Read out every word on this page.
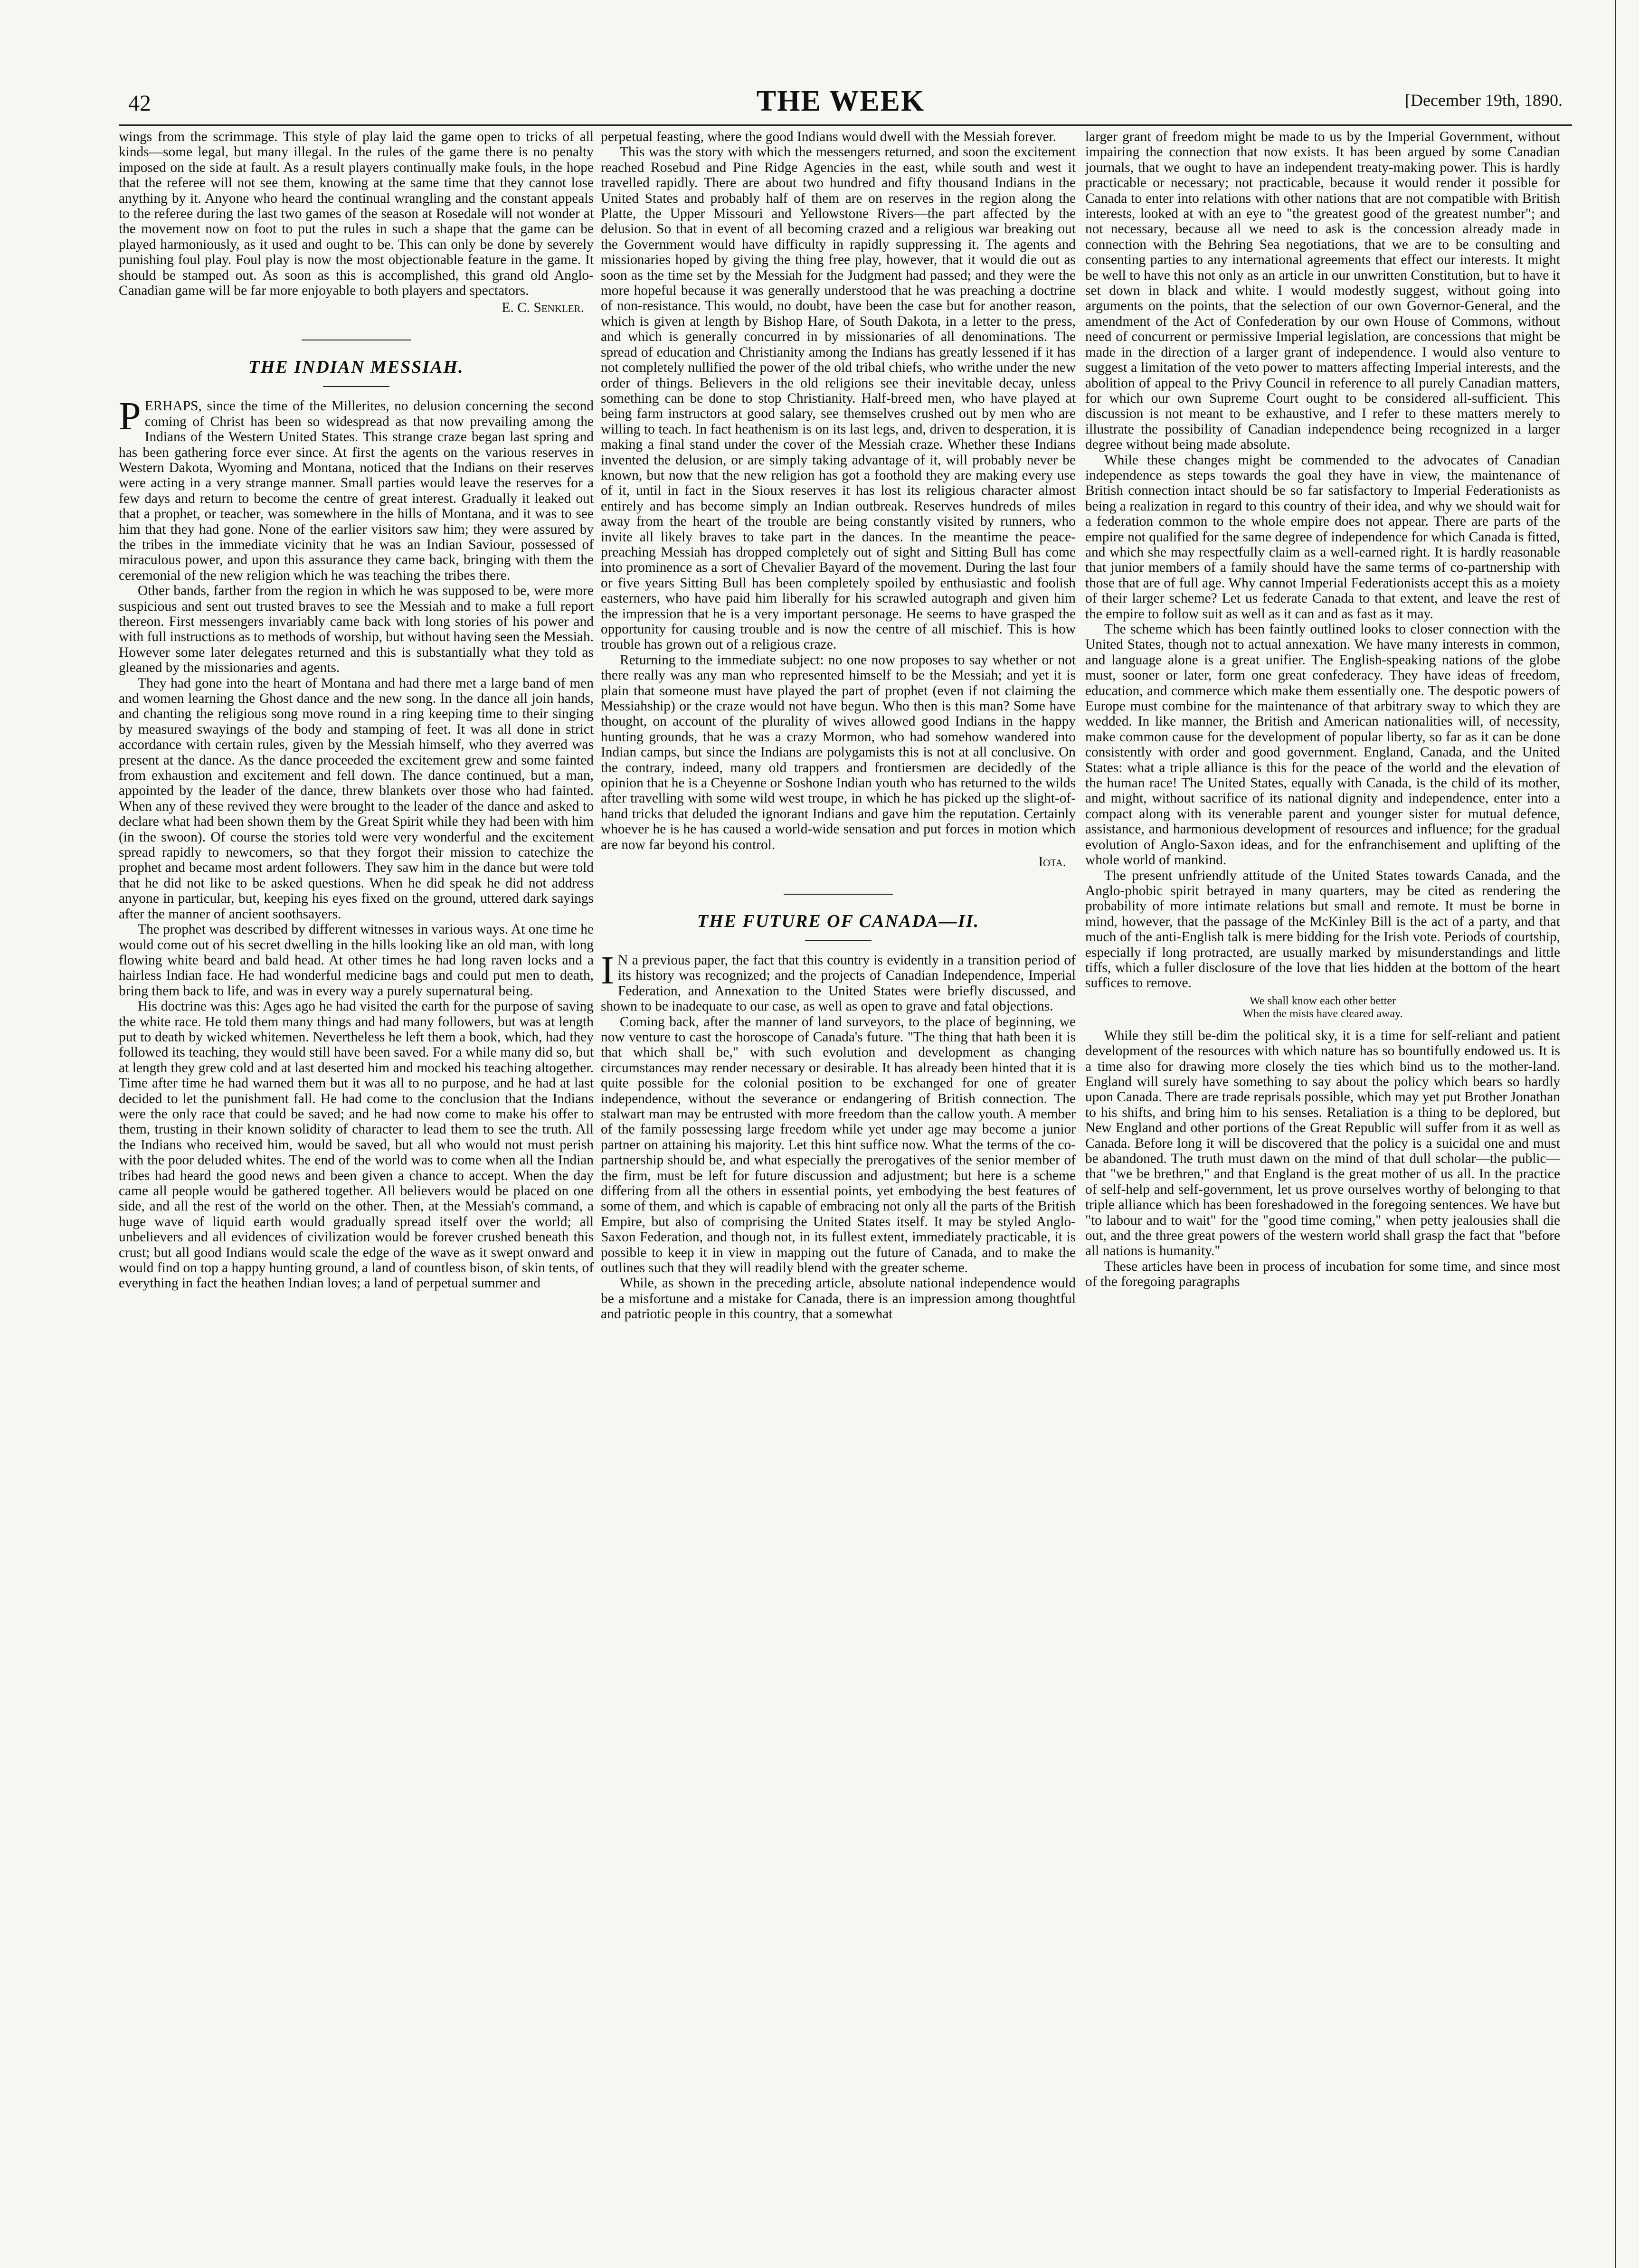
42	THE WEEK	[December 19th, 1890.

wings from the scrimmage. This style of play laid the game open to tricks of all kinds—some legal, but many illegal. In the rules of the game there is no penalty imposed on the side at fault. As a result players continually make fouls, in the hope that the referee will not see them, knowing at the same time that they cannot lose anything by it. Anyone who heard the continual wrangling and the constant appeals to the referee during the last two games of the season at Rosedale will not wonder at the movement now on foot to put the rules in such a shape that the game can be played harmoniously, as it used and ought to be. This can only be done by severely punishing foul play. Foul play is now the most objectionable feature in the game. It should be stamped out. As soon as this is accomplished, this grand old Anglo-Canadian game will be far more enjoyable to both players and spectators.

E. C. Senkler.
THE INDIAN MESSIAH.

PERHAPS, since the time of the Millerites, no delusion concerning the second coming of Christ has been so widespread as that now prevailing among the Indians of the Western United States. This strange craze began last spring and has been gathering force ever since. At first the agents on the various reserves in Western Dakota, Wyoming and Montana, noticed that the Indians on their reserves were acting in a very strange manner. Small parties would leave the reserves for a few days and return to become the centre of great interest. Gradually it leaked out that a prophet, or teacher, was somewhere in the hills of Montana, and it was to see him that they had gone. None of the earlier visitors saw him; they were assured by the tribes in the immediate vicinity that he was an Indian Saviour, possessed of miraculous power, and upon this assurance they came back, bringing with them the ceremonial of the new religion which he was teaching the tribes there.

Other bands, farther from the region in which he was supposed to be, were more suspicious and sent out trusted braves to see the Messiah and to make a full report thereon. First messengers invariably came back with long stories of his power and with full instructions as to methods of worship, but without having seen the Messiah. However some later delegates returned and this is substantially what they told as gleaned by the missionaries and agents.

They had gone into the heart of Montana and had there met a large band of men and women learning the Ghost dance and the new song. In the dance all join hands, and chanting the religious song move round in a ring keeping time to their singing by measured swayings of the body and stamping of feet. It was all done in strict accordance with certain rules, given by the Messiah himself, who they averred was present at the dance. As the dance proceeded the excitement grew and some fainted from exhaustion and excitement and fell down. The dance continued, but a man, appointed by the leader of the dance, threw blankets over those who had fainted. When any of these revived they were brought to the leader of the dance and asked to declare what had been shown them by the Great Spirit while they had been with him (in the swoon). Of course the stories told were very wonderful and the excitement spread rapidly to newcomers, so that they forgot their mission to catechize the prophet and became most ardent followers. They saw him in the dance but were told that he did not like to be asked questions. When he did speak he did not address anyone in particular, but, keeping his eyes fixed on the ground, uttered dark sayings after the manner of ancient soothsayers.

The prophet was described by different witnesses in various ways. At one time he would come out of his secret dwelling in the hills looking like an old man, with long flowing white beard and bald head. At other times he had long raven locks and a hairless Indian face. He had wonderful medicine bags and could put men to death, bring them back to life, and was in every way a purely supernatural being.

His doctrine was this: Ages ago he had visited the earth for the purpose of saving the white race. He told them many things and had many followers, but was at length put to death by wicked whitemen. Nevertheless he left them a book, which, had they followed its teaching, they would still have been saved. For a while many did so, but at length they grew cold and at last deserted him and mocked his teaching altogether. Time after time he had warned them but it was all to no purpose, and he had at last decided to let the punishment fall. He had come to the conclusion that the Indians were the only race that could be saved; and he had now come to make his offer to them, trusting in their known solidity of character to lead them to see the truth. All the Indians who received him, would be saved, but all who would not must perish with the poor deluded whites. The end of the world was to come when all the Indian tribes had heard the good news and been given a chance to accept. When the day came all people would be gathered together. All believers would be placed on one side, and all the rest of the world on the other. Then, at the Messiah's command, a huge wave of liquid earth would gradually spread itself over the world; all unbelievers and all evidences of civilization would be forever crushed beneath this crust; but all good Indians would scale the edge of the wave as it swept onward and would find on top a happy hunting ground, a land of countless bison, of skin tents, of everything in fact the heathen Indian loves; a land of perpetual summer and

perpetual feasting, where the good Indians would dwell with the Messiah forever.

This was the story with which the messengers returned, and soon the excitement reached Rosebud and Pine Ridge Agencies in the east, while south and west it travelled rapidly. There are about two hundred and fifty thousand Indians in the United States and probably half of them are on reserves in the region along the Platte, the Upper Missouri and Yellowstone Rivers—the part affected by the delusion. So that in event of all becoming crazed and a religious war breaking out the Government would have difficulty in rapidly suppressing it. The agents and missionaries hoped by giving the thing free play, however, that it would die out as soon as the time set by the Messiah for the Judgment had passed; and they were the more hopeful because it was generally understood that he was preaching a doctrine of non-resistance. This would, no doubt, have been the case but for another reason, which is given at length by Bishop Hare, of South Dakota, in a letter to the press, and which is generally concurred in by missionaries of all denominations. The spread of education and Christianity among the Indians has greatly lessened if it has not completely nullified the power of the old tribal chiefs, who writhe under the new order of things. Believers in the old religions see their inevitable decay, unless something can be done to stop Christianity. Half-breed men, who have played at being farm instructors at good salary, see themselves crushed out by men who are willing to teach. In fact heathenism is on its last legs, and, driven to desperation, it is making a final stand under the cover of the Messiah craze. Whether these Indians invented the delusion, or are simply taking advantage of it, will probably never be known, but now that the new religion has got a foothold they are making every use of it, until in fact in the Sioux reserves it has lost its religious character almost entirely and has become simply an Indian outbreak. Reserves hundreds of miles away from the heart of the trouble are being constantly visited by runners, who invite all likely braves to take part in the dances. In the meantime the peace-preaching Messiah has dropped completely out of sight and Sitting Bull has come into prominence as a sort of Chevalier Bayard of the movement. During the last four or five years Sitting Bull has been completely spoiled by enthusiastic and foolish easterners, who have paid him liberally for his scrawled autograph and given him the impression that he is a very important personage. He seems to have grasped the opportunity for causing trouble and is now the centre of all mischief. This is how trouble has grown out of a religious craze.

Returning to the immediate subject: no one now proposes to say whether or not there really was any man who represented himself to be the Messiah; and yet it is plain that someone must have played the part of prophet (even if not claiming the Messiahship) or the craze would not have begun. Who then is this man? Some have thought, on account of the plurality of wives allowed good Indians in the happy hunting grounds, that he was a crazy Mormon, who had somehow wandered into Indian camps, but since the Indians are polygamists this is not at all conclusive. On the contrary, indeed, many old trappers and frontiersmen are decidedly of the opinion that he is a Cheyenne or Soshone Indian youth who has returned to the wilds after travelling with some wild west troupe, in which he has picked up the slight-of-hand tricks that deluded the ignorant Indians and gave him the reputation. Certainly whoever he is he has caused a world-wide sensation and put forces in motion which are now far beyond his control.

Iota.
THE FUTURE OF CANADA—II.

I N a previous paper, the fact that this country is evidently in a transition period of its history was recognized; and the projects of Canadian Independence, Imperial Federation, and Annexation to the United States were briefly discussed, and shown to be inadequate to our case, as well as open to grave and fatal objections.

Coming back, after the manner of land surveyors, to the place of beginning, we now venture to cast the horoscope of Canada's future. "The thing that hath been it is that which shall be," with such evolution and development as changing circumstances may render necessary or desirable. It has already been hinted that it is quite possible for the colonial position to be exchanged for one of greater independence, without the severance or endangering of British connection. The stalwart man may be entrusted with more freedom than the callow youth. A member of the family possessing large freedom while yet under age may become a junior partner on attaining his majority. Let this hint suffice now. What the terms of the co-partnership should be, and what especially the prerogatives of the senior member of the firm, must be left for future discussion and adjustment; but here is a scheme differing from all the others in essential points, yet embodying the best features of some of them, and which is capable of embracing not only all the parts of the British Empire, but also of comprising the United States itself. It may be styled Anglo-Saxon Federation, and though not, in its fullest extent, immediately practicable, it is possible to keep it in view in mapping out the future of Canada, and to make the outlines such that they will readily blend with the greater scheme.

While, as shown in the preceding article, absolute national independence would be a misfortune and a mistake for Canada, there is an impression among thoughtful and patriotic people in this country, that a somewhat

larger grant of freedom might be made to us by the Imperial Government, without impairing the connection that now exists. It has been argued by some Canadian journals, that we ought to have an independent treaty-making power. This is hardly practicable or necessary; not practicable, because it would render it possible for Canada to enter into relations with other nations that are not compatible with British interests, looked at with an eye to "the greatest good of the greatest number"; and not necessary, because all we need to ask is the concession already made in connection with the Behring Sea negotiations, that we are to be consulting and consenting parties to any international agreements that effect our interests. It might be well to have this not only as an article in our unwritten Constitution, but to have it set down in black and white. I would modestly suggest, without going into arguments on the points, that the selection of our own Governor-General, and the amendment of the Act of Confederation by our own House of Commons, without need of concurrent or permissive Imperial legislation, are concessions that might be made in the direction of a larger grant of independence. I would also venture to suggest a limitation of the veto power to matters affecting Imperial interests, and the abolition of appeal to the Privy Council in reference to all purely Canadian matters, for which our own Supreme Court ought to be considered all-sufficient. This discussion is not meant to be exhaustive, and I refer to these matters merely to illustrate the possibility of Canadian independence being recognized in a larger degree without being made absolute.

While these changes might be commended to the advocates of Canadian independence as steps towards the goal they have in view, the maintenance of British connection intact should be so far satisfactory to Imperial Federationists as being a realization in regard to this country of their idea, and why we should wait for a federation common to the whole empire does not appear. There are parts of the empire not qualified for the same degree of independence for which Canada is fitted, and which she may respectfully claim as a well-earned right. It is hardly reasonable that junior members of a family should have the same terms of co-partnership with those that are of full age. Why cannot Imperial Federationists accept this as a moiety of their larger scheme? Let us federate Canada to that extent, and leave the rest of the empire to follow suit as well as it can and as fast as it may.

The scheme which has been faintly outlined looks to closer connection with the United States, though not to actual annexation. We have many interests in common, and language alone is a great unifier. The English-speaking nations of the globe must, sooner or later, form one great confederacy. They have ideas of freedom, education, and commerce which make them essentially one. The despotic powers of Europe must combine for the maintenance of that arbitrary sway to which they are wedded. In like manner, the British and American nationalities will, of necessity, make common cause for the development of popular liberty, so far as it can be done consistently with order and good government. England, Canada, and the United States: what a triple alliance is this for the peace of the world and the elevation of the human race! The United States, equally with Canada, is the child of its mother, and might, without sacrifice of its national dignity and independence, enter into a compact along with its venerable parent and younger sister for mutual defence, assistance, and harmonious development of resources and influence; for the gradual evolution of Anglo-Saxon ideas, and for the enfranchisement and uplifting of the whole world of mankind.

The present unfriendly attitude of the United States towards Canada, and the Anglo-phobic spirit betrayed in many quarters, may be cited as rendering the probability of more intimate relations but small and remote. It must be borne in mind, however, that the passage of the McKinley Bill is the act of a party, and that much of the anti-English talk is mere bidding for the Irish vote. Periods of courtship, especially if long protracted, are usually marked by misunderstandings and little tiffs, which a fuller disclosure of the love that lies hidden at the bottom of the heart suffices to remove.

We shall know each other better
When the mists have cleared away.

While they still be-dim the political sky, it is a time for self-reliant and patient development of the resources with which nature has so bountifully endowed us. It is a time also for drawing more closely the ties which bind us to the mother-land. England will surely have something to say about the policy which bears so hardly upon Canada. There are trade reprisals possible, which may yet put Brother Jonathan to his shifts, and bring him to his senses. Retaliation is a thing to be deplored, but New England and other portions of the Great Republic will suffer from it as well as Canada. Before long it will be discovered that the policy is a suicidal one and must be abandoned. The truth must dawn on the mind of that dull scholar—the public—that "we be brethren," and that England is the great mother of us all. In the practice of self-help and self-government, let us prove ourselves worthy of belonging to that triple alliance which has been foreshadowed in the foregoing sentences. We have but "to labour and to wait" for the "good time coming," when petty jealousies shall die out, and the three great powers of the western world shall grasp the fact that "before all nations is humanity."

These articles have been in process of incubation for some time, and since most of the foregoing paragraphs
